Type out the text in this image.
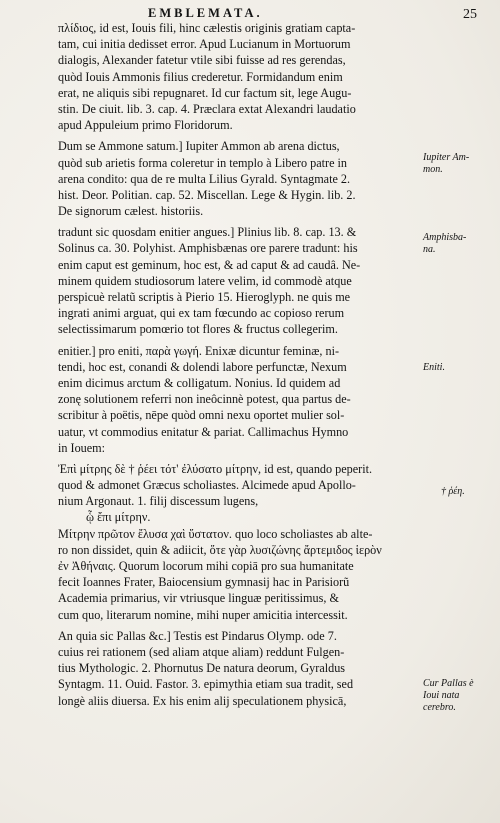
EMBLEMATA.	25
πλίδιος, id est, Iouis fili, hinc cælestis originis gratiam capta-
tam, cui initia dedisset error. Apud Lucianum in Mortuorum
dialogis, Alexander fatetur vtile sibi fuisse ad res gerendas,
quòd Iouis Ammonis filius crederetur. Formidandum enim
erat, ne aliquis sibi repugnaret. Id cur factum sit, lege Augu-
stin. De ciuit. lib. 3. cap. 4. Præclara extat Alexandri laudatio
apud Appuleium primo Floridorum.
Dum se Ammone satum.] Iupiter Ammon ab arena dictus,
quòd sub arietis forma coleretur in templo à Libero patre in
arena condito: qua de re multa Lilius Gyrald. Syntagmate 2.
hist. Deor. Politian. cap. 52. Miscellan. Lege & Hygin. lib. 2.
De signorum cælest. historiis.
tradunt sic quosdam enitier angues.] Plinius lib. 8. cap. 13. &
Solinus ca. 30. Polyhist. Amphisbænas ore parere tradunt: his
enim caput est geminum, hoc est, & ad caput & ad caudâ. Ne-
minem quidem studiosorum latere velim, id commodè atque
perspicuè relatũ scriptis à Pierio 15. Hieroglyph. ne quis me
ingrati animi arguat, qui ex tam fœcundo ac copioso rerum
selectissimarum pomœrio tot flores & fructus collegerim.
enitier.] pro eniti, παρὰ γωγή. Enixæ dicuntur feminæ, ni-
tendi, hoc est, conandi & dolendi labore perfunctæ, Nexum
enim dicimus arctum & colligatum. Nonius. Id quidem ad
zonę solutionem referri non ineôcinnè potest, qua partus de-
scribitur à poëtis, nēpe quòd omni nexu oportet mulier sol-
uatur, vt commodius enitatur & pariat. Callimachus Hymno
in Iouem:
Ἐπὶ μίτρης δὲ † ῥέει τότ' ἐλύσατο μίτρην, id est, quando peperit.
quod & admonet Græcus scholiastes. Alcimede apud Apollo-
nium Argonaut. 1. filij discessum lugens,
ᾧ ἔπι μίτρην.
Μίτρην πρῶτον ἔλυσα χαὶ ὕστατον. quo loco scholiastes ab alte-
ro non dissidet, quin & adiicit, ὅτε γὰρ λυσιζώνης ἄρτεμιδος ἱερὸν
ἐν Ἀθήναις. Quorum locorum mihi copiā pro sua humanitate
fecit Ioannes Frater, Baiocensium gymnasij hac in Parisiorũ
Academia primarius, vir vtriusque linguæ peritissimus, &
cum quo, literarum nomine, mihi nuper amicitia intercessit.
An quia sic Pallas &c.] Testis est Pindarus Olymp. ode 7.
cuius rei rationem (sed aliam atque aliam) reddunt Fulgen-
tius Mythologic. 2. Phornutus De natura deorum, Gyraldus
Syntagm. 11. Ouid. Fastor. 3. epimythia etiam sua tradit, sed
longè aliis diuersa. Ex his enim alij speculationem physicā,
Iupiter Am-
mon.
Amphisba-
na.
Eniti.
† ῥέη.
Cur Pallas è
Ioui nata
cerebro.
